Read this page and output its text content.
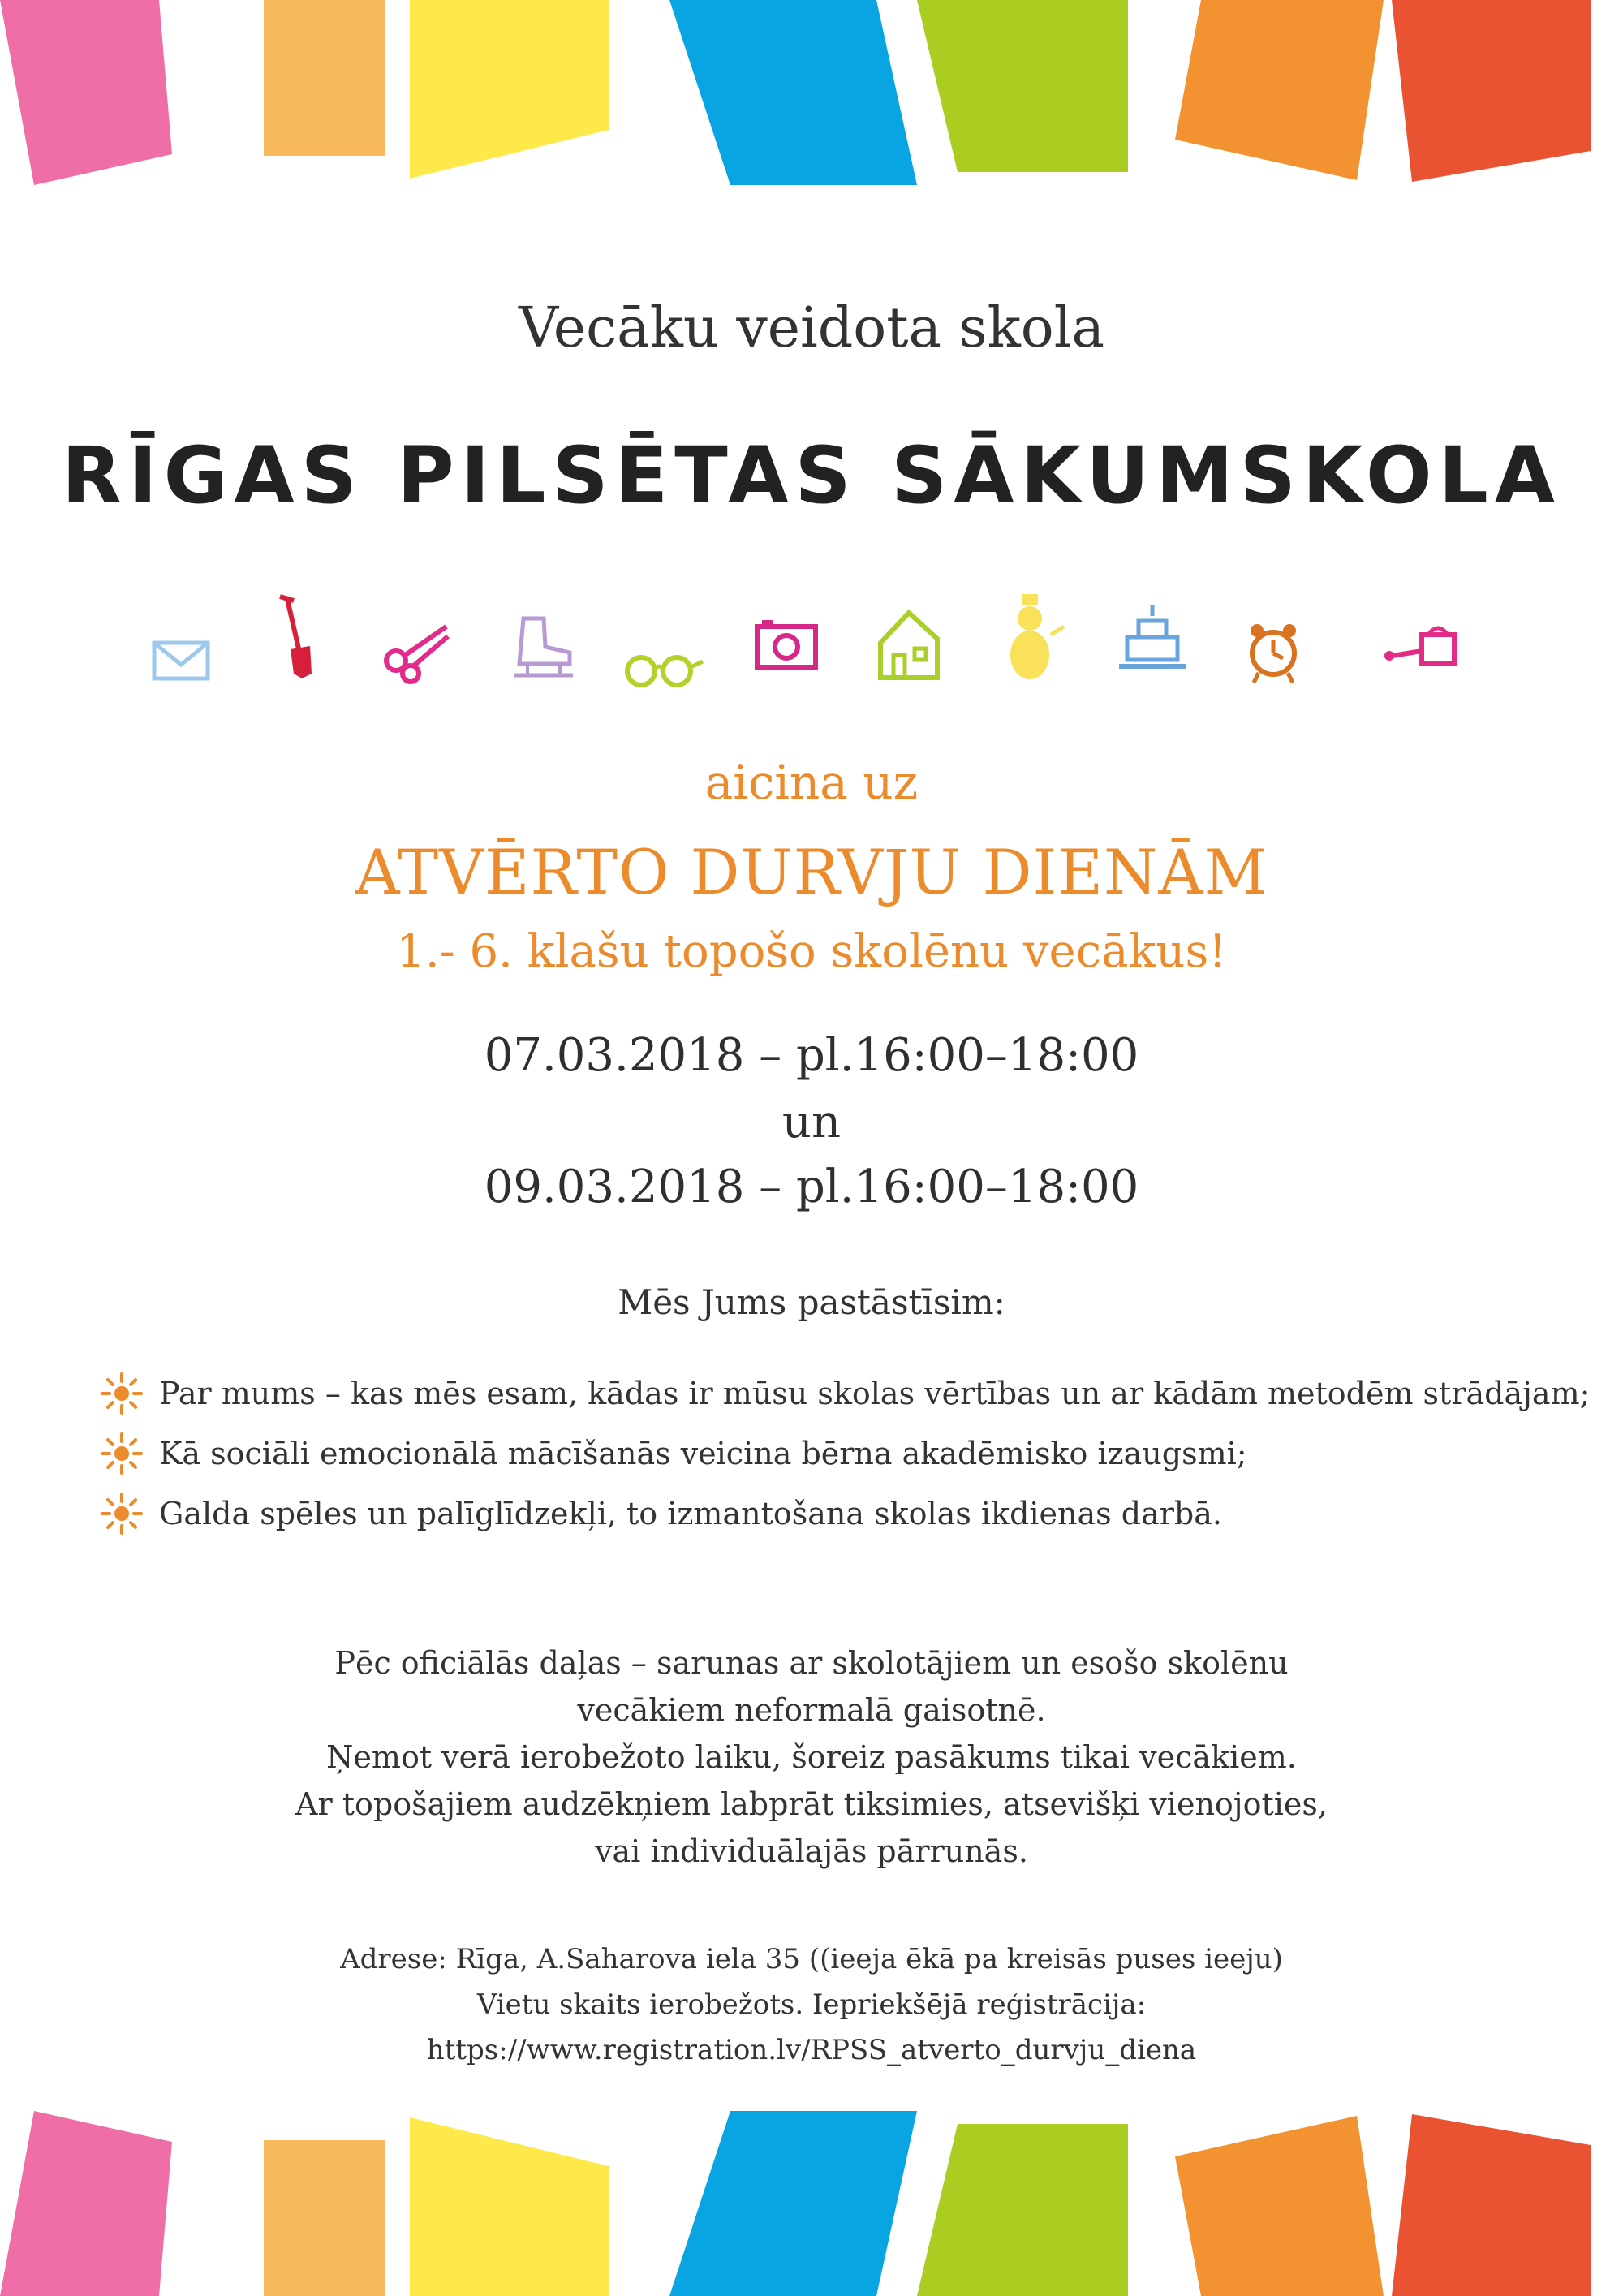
Vecāku veidota skola
RĪGAS PILSĒTAS SĀKUMSKOLA
aicina uz
ATVĒRTO DURVJU DIENĀM
1.- 6. klašu topošo skolēnu vecākus!
07.03.2018 – pl.16:00–18:00
un
09.03.2018 – pl.16:00–18:00
Mēs Jums pastāstīsim:
Par mums – kas mēs esam, kādas ir mūsu skolas vērtības un ar kādām metodēm strādājam;
Kā sociāli emocionālā mācīšanās veicina bērna akadēmisko izaugsmi;
Galda spēles un palīglīdzekļi, to izmantošana skolas ikdienas darbā.
Pēc oficiālās daļas – sarunas ar skolotājiem un esošo skolēnu
vecākiem neformalā gaisotnē.
Ņemot verā ierobežoto laiku, šoreiz pasākums tikai vecākiem.
Ar topošajiem audzēkņiem labprāt tiksimies, atsevišķi vienojoties,
vai individuālajās pārrunās.
Adrese: Rīga, A.Saharova iela 35 ((ieeja ēkā pa kreisās puses ieeju)
Vietu skaits ierobežots. Iepriekšējā reģistrācija:
https://www.registration.lv/RPSS_atverto_durvju_diena
